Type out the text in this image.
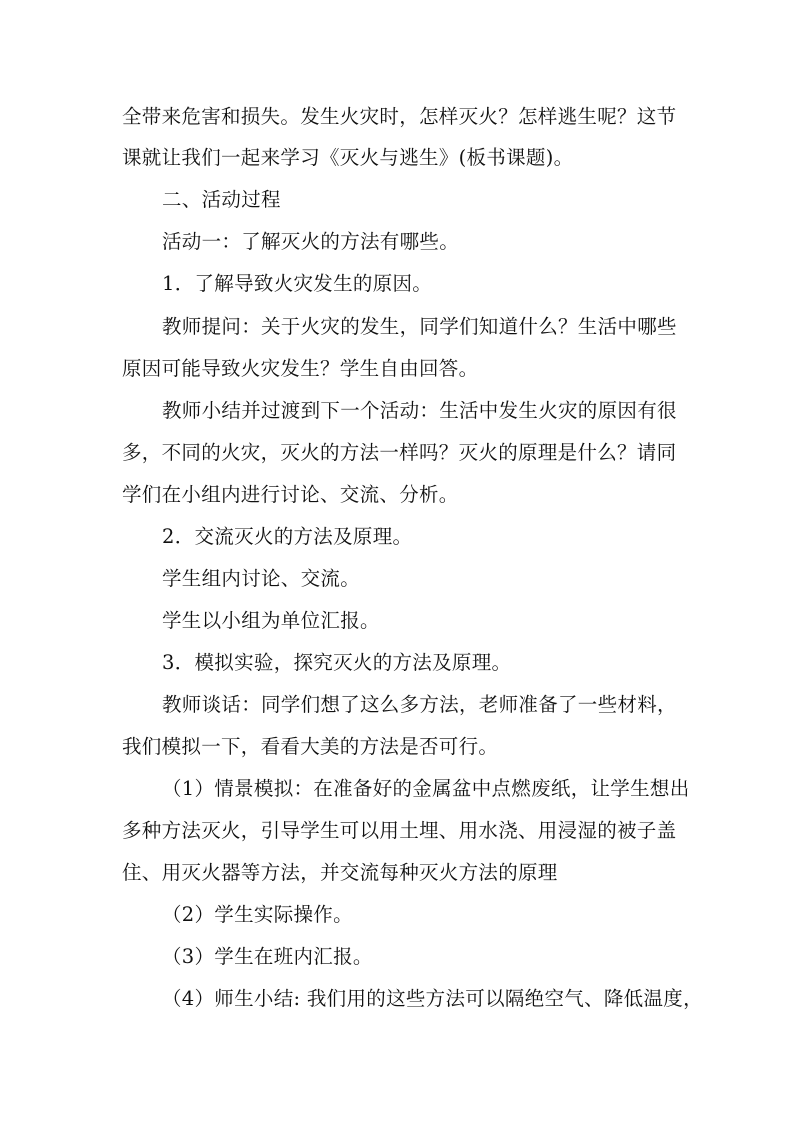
全带来危害和损失。发生火灾时，怎样灭火？怎样逃生呢？这节
课就让我们一起来学习《灭火与逃生》(板书课题)。
二、活动过程
活动一：了解灭火的方法有哪些。
1．了解导致火灾发生的原因。
教师提问：关于火灾的发生，同学们知道什么？生活中哪些
原因可能导致火灾发生？学生自由回答。
教师小结并过渡到下一个活动：生活中发生火灾的原因有很
多，不同的火灾，灭火的方法一样吗？灭火的原理是什么？请同
学们在小组内进行讨论、交流、分析。
2．交流灭火的方法及原理。
学生组内讨论、交流。
学生以小组为单位汇报。
3．模拟实验，探究灭火的方法及原理。
教师谈话：同学们想了这么多方法，老师准备了一些材料，
我们模拟一下，看看大美的方法是否可行。
（1）情景模拟：在准备好的金属盆中点燃废纸，让学生想出
多种方法灭火，引导学生可以用土埋、用水浇、用浸湿的被子盖
住、用灭火器等方法，并交流每种灭火方法的原理
（2）学生实际操作。
（3）学生在班内汇报。
（4）师生小结: 我们用的这些方法可以隔绝空气、降低温度，
